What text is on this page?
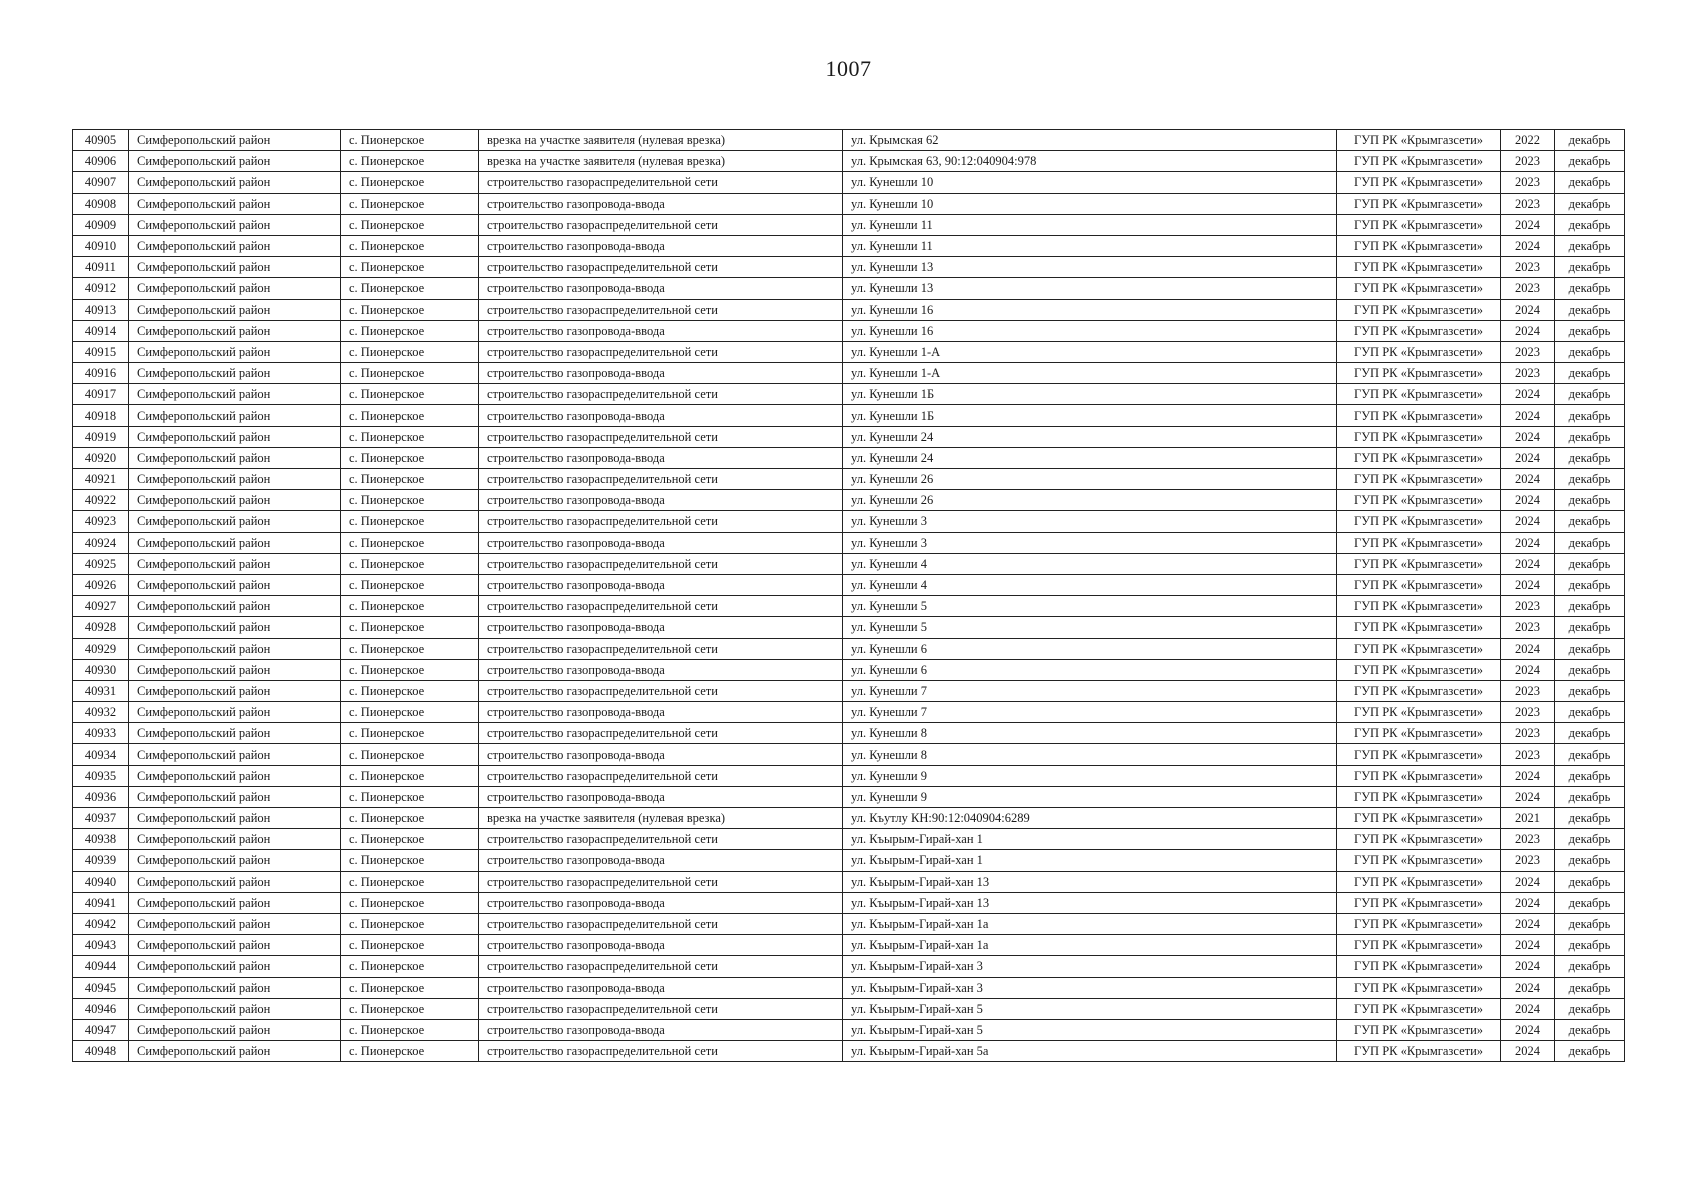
1007
40905	Симферопольский район	с. Пионерское	врезка на участке заявителя (нулевая врезка)	ул. Крымская 62	ГУП РК «Крымгазсети»	2022	декабрь
40906	Симферопольский район	с. Пионерское	врезка на участке заявителя (нулевая врезка)	ул. Крымская 63, 90:12:040904:978	ГУП РК «Крымгазсети»	2023	декабрь
40907	Симферопольский район	с. Пионерское	строительство газораспределительной сети	ул. Кунешли 10	ГУП РК «Крымгазсети»	2023	декабрь
40908	Симферопольский район	с. Пионерское	строительство газопровода-ввода	ул. Кунешли 10	ГУП РК «Крымгазсети»	2023	декабрь
40909	Симферопольский район	с. Пионерское	строительство газораспределительной сети	ул. Кунешли 11	ГУП РК «Крымгазсети»	2024	декабрь
40910	Симферопольский район	с. Пионерское	строительство газопровода-ввода	ул. Кунешли 11	ГУП РК «Крымгазсети»	2024	декабрь
40911	Симферопольский район	с. Пионерское	строительство газораспределительной сети	ул. Кунешли 13	ГУП РК «Крымгазсети»	2023	декабрь
40912	Симферопольский район	с. Пионерское	строительство газопровода-ввода	ул. Кунешли 13	ГУП РК «Крымгазсети»	2023	декабрь
40913	Симферопольский район	с. Пионерское	строительство газораспределительной сети	ул. Кунешли 16	ГУП РК «Крымгазсети»	2024	декабрь
40914	Симферопольский район	с. Пионерское	строительство газопровода-ввода	ул. Кунешли 16	ГУП РК «Крымгазсети»	2024	декабрь
40915	Симферопольский район	с. Пионерское	строительство газораспределительной сети	ул. Кунешли 1-А	ГУП РК «Крымгазсети»	2023	декабрь
40916	Симферопольский район	с. Пионерское	строительство газопровода-ввода	ул. Кунешли 1-А	ГУП РК «Крымгазсети»	2023	декабрь
40917	Симферопольский район	с. Пионерское	строительство газораспределительной сети	ул. Кунешли 1Б	ГУП РК «Крымгазсети»	2024	декабрь
40918	Симферопольский район	с. Пионерское	строительство газопровода-ввода	ул. Кунешли 1Б	ГУП РК «Крымгазсети»	2024	декабрь
40919	Симферопольский район	с. Пионерское	строительство газораспределительной сети	ул. Кунешли 24	ГУП РК «Крымгазсети»	2024	декабрь
40920	Симферопольский район	с. Пионерское	строительство газопровода-ввода	ул. Кунешли 24	ГУП РК «Крымгазсети»	2024	декабрь
40921	Симферопольский район	с. Пионерское	строительство газораспределительной сети	ул. Кунешли 26	ГУП РК «Крымгазсети»	2024	декабрь
40922	Симферопольский район	с. Пионерское	строительство газопровода-ввода	ул. Кунешли 26	ГУП РК «Крымгазсети»	2024	декабрь
40923	Симферопольский район	с. Пионерское	строительство газораспределительной сети	ул. Кунешли 3	ГУП РК «Крымгазсети»	2024	декабрь
40924	Симферопольский район	с. Пионерское	строительство газопровода-ввода	ул. Кунешли 3	ГУП РК «Крымгазсети»	2024	декабрь
40925	Симферопольский район	с. Пионерское	строительство газораспределительной сети	ул. Кунешли 4	ГУП РК «Крымгазсети»	2024	декабрь
40926	Симферопольский район	с. Пионерское	строительство газопровода-ввода	ул. Кунешли 4	ГУП РК «Крымгазсети»	2024	декабрь
40927	Симферопольский район	с. Пионерское	строительство газораспределительной сети	ул. Кунешли 5	ГУП РК «Крымгазсети»	2023	декабрь
40928	Симферопольский район	с. Пионерское	строительство газопровода-ввода	ул. Кунешли 5	ГУП РК «Крымгазсети»	2023	декабрь
40929	Симферопольский район	с. Пионерское	строительство газораспределительной сети	ул. Кунешли 6	ГУП РК «Крымгазсети»	2024	декабрь
40930	Симферопольский район	с. Пионерское	строительство газопровода-ввода	ул. Кунешли 6	ГУП РК «Крымгазсети»	2024	декабрь
40931	Симферопольский район	с. Пионерское	строительство газораспределительной сети	ул. Кунешли 7	ГУП РК «Крымгазсети»	2023	декабрь
40932	Симферопольский район	с. Пионерское	строительство газопровода-ввода	ул. Кунешли 7	ГУП РК «Крымгазсети»	2023	декабрь
40933	Симферопольский район	с. Пионерское	строительство газораспределительной сети	ул. Кунешли 8	ГУП РК «Крымгазсети»	2023	декабрь
40934	Симферопольский район	с. Пионерское	строительство газопровода-ввода	ул. Кунешли 8	ГУП РК «Крымгазсети»	2023	декабрь
40935	Симферопольский район	с. Пионерское	строительство газораспределительной сети	ул. Кунешли 9	ГУП РК «Крымгазсети»	2024	декабрь
40936	Симферопольский район	с. Пионерское	строительство газопровода-ввода	ул. Кунешли 9	ГУП РК «Крымгазсети»	2024	декабрь
40937	Симферопольский район	с. Пионерское	врезка на участке заявителя (нулевая врезка)	ул. Къутлу КН:90:12:040904:6289	ГУП РК «Крымгазсети»	2021	декабрь
40938	Симферопольский район	с. Пионерское	строительство газораспределительной сети	ул. Къырым-Гирай-хан 1	ГУП РК «Крымгазсети»	2023	декабрь
40939	Симферопольский район	с. Пионерское	строительство газопровода-ввода	ул. Къырым-Гирай-хан 1	ГУП РК «Крымгазсети»	2023	декабрь
40940	Симферопольский район	с. Пионерское	строительство газораспределительной сети	ул. Къырым-Гирай-хан 13	ГУП РК «Крымгазсети»	2024	декабрь
40941	Симферопольский район	с. Пионерское	строительство газопровода-ввода	ул. Къырым-Гирай-хан 13	ГУП РК «Крымгазсети»	2024	декабрь
40942	Симферопольский район	с. Пионерское	строительство газораспределительной сети	ул. Къырым-Гирай-хан 1а	ГУП РК «Крымгазсети»	2024	декабрь
40943	Симферопольский район	с. Пионерское	строительство газопровода-ввода	ул. Къырым-Гирай-хан 1а	ГУП РК «Крымгазсети»	2024	декабрь
40944	Симферопольский район	с. Пионерское	строительство газораспределительной сети	ул. Къырым-Гирай-хан 3	ГУП РК «Крымгазсети»	2024	декабрь
40945	Симферопольский район	с. Пионерское	строительство газопровода-ввода	ул. Къырым-Гирай-хан 3	ГУП РК «Крымгазсети»	2024	декабрь
40946	Симферопольский район	с. Пионерское	строительство газораспределительной сети	ул. Къырым-Гирай-хан 5	ГУП РК «Крымгазсети»	2024	декабрь
40947	Симферопольский район	с. Пионерское	строительство газопровода-ввода	ул. Къырым-Гирай-хан 5	ГУП РК «Крымгазсети»	2024	декабрь
40948	Симферопольский район	с. Пионерское	строительство газораспределительной сети	ул. Къырым-Гирай-хан 5а	ГУП РК «Крымгазсети»	2024	декабрь
